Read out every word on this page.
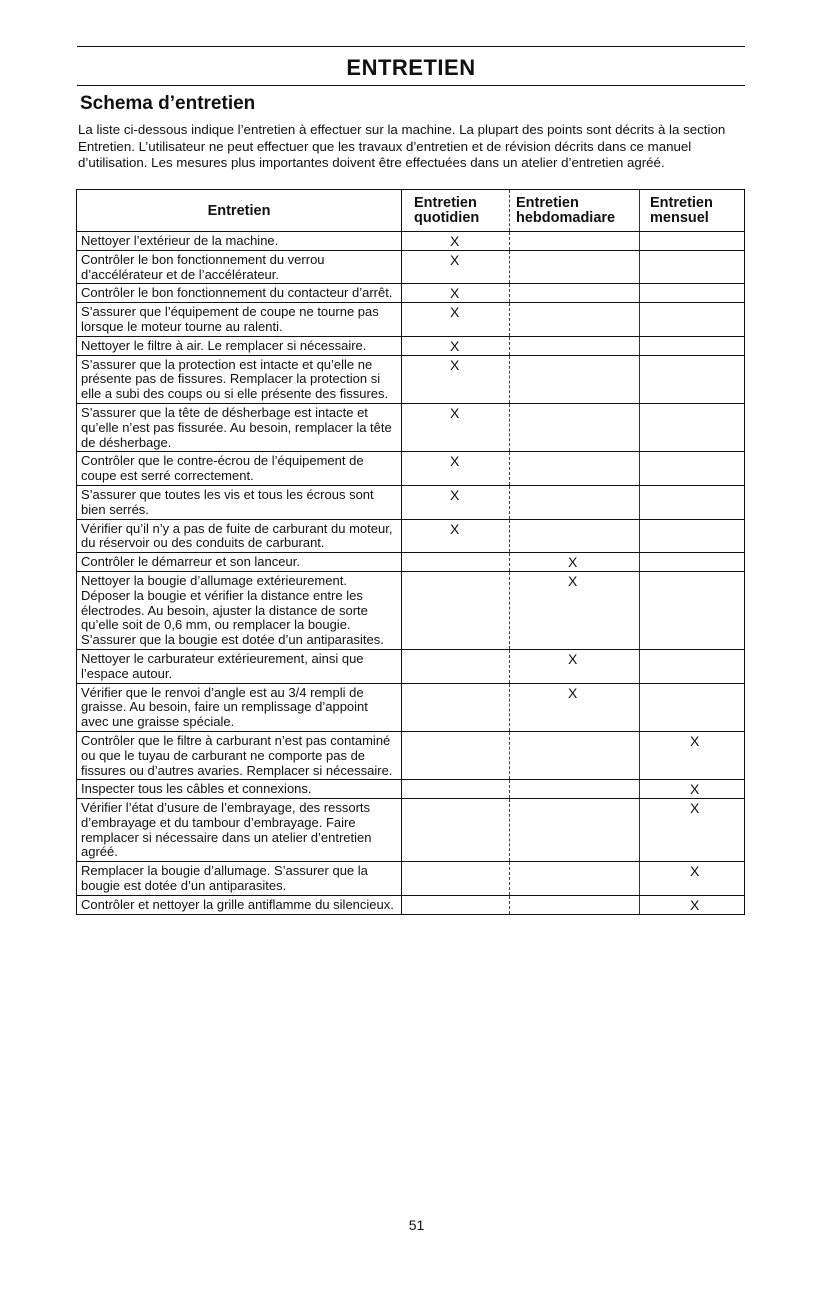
ENTRETIEN
Schema d’entretien
La liste ci-dessous indique l’entretien à effectuer sur la machine. La plupart des points sont décrits à la section Entretien. L’utilisateur ne peut effectuer que les travaux d’entretien et de révision décrits dans ce manuel d’utilisation. Les mesures plus importantes doivent être effectuées dans un atelier d’entretien agréé.
Entretien	Entretien quotidien	Entretien hebdomadiare	Entretien mensuel
Nettoyer l’extérieur de la machine.	X		
Contrôler le bon fonctionnement du verrou d’accélérateur et de l’accélérateur.	X		
Contrôler le bon fonctionnement du contacteur d’arrêt.	X		
S’assurer que l’équipement de coupe ne tourne pas lorsque le moteur tourne au ralenti.	X		
Nettoyer le filtre à air. Le remplacer si nécessaire.	X		
S’assurer que la protection est intacte et qu’elle ne présente pas de fissures. Remplacer la protection si elle a subi des coups ou si elle présente des fissures.	X		
S’assurer que la tête de désherbage est intacte et qu’elle n’est pas fissurée. Au besoin, remplacer la tête de désherbage.	X		
Contrôler que le contre-écrou de l’équipement de coupe est serré correctement.	X		
S’assurer que toutes les vis et tous les écrous sont bien serrés.	X		
Vérifier qu’il n’y a pas de fuite de carburant du moteur, du réservoir ou des conduits de carburant.	X		
Contrôler le démarreur et son lanceur.		X	
Nettoyer la bougie d’allumage extérieurement. Déposer la bougie et vérifier la distance entre les électrodes. Au besoin, ajuster la distance de sorte qu’elle soit de 0,6 mm, ou remplacer la bougie. S’assurer que la bougie est dotée d’un antiparasites.		X	
Nettoyer le carburateur extérieurement, ainsi que l’espace autour.		X	
Vérifier que le renvoi d’angle est au 3/4 rempli de graisse. Au besoin, faire un remplissage d’appoint avec une graisse spéciale.		X	
Contrôler que le filtre à carburant n’est pas contaminé ou que le tuyau de carburant ne comporte pas de fissures ou d’autres avaries. Remplacer si nécessaire.			X
Inspecter tous les câbles et connexions.			X
Vérifier l’état d’usure de l’embrayage, des ressorts d’embrayage et du tambour d’embrayage. Faire remplacer si nécessaire dans un atelier d’entretien agréé.			X
Remplacer la bougie d’allumage. S’assurer que la bougie est dotée d’un antiparasites.			X
Contrôler et nettoyer la grille antiflamme du silencieux.			X
51
